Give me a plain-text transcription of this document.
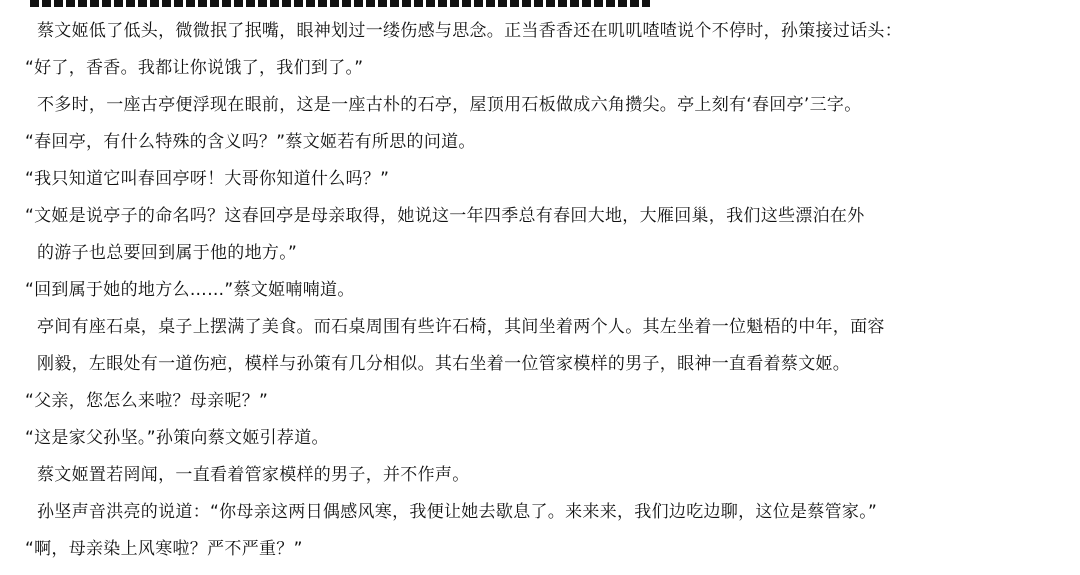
蔡文姬低了低头，微微抿了抿嘴，眼神划过一缕伤感与思念。正当香香还在叽叽喳喳说个不停时，孙策接过话头：
“好了，香香。我都让你说饿了，我们到了。”
不多时，一座古亭便浮现在眼前，这是一座古朴的石亭，屋顶用石板做成六角攒尖。亭上刻有‘春回亭’三字。
“春回亭，有什么特殊的含义吗？”蔡文姬若有所思的问道。
“我只知道它叫春回亭呀！大哥你知道什么吗？”
“文姬是说亭子的命名吗？这春回亭是母亲取得，她说这一年四季总有春回大地，大雁回巢，我们这些漂泊在外
的游子也总要回到属于他的地方。”
“回到属于她的地方么……”蔡文姬喃喃道。
亭间有座石桌，桌子上摆满了美食。而石桌周围有些许石椅，其间坐着两个人。其左坐着一位魁梧的中年，面容
刚毅，左眼处有一道伤疤，模样与孙策有几分相似。其右坐着一位管家模样的男子，眼神一直看着蔡文姬。
“父亲，您怎么来啦？母亲呢？”
“这是家父孙坚。”孙策向蔡文姬引荐道。
蔡文姬置若罔闻，一直看着管家模样的男子，并不作声。
孙坚声音洪亮的说道：“你母亲这两日偶感风寒，我便让她去歇息了。来来来，我们边吃边聊，这位是蔡管家。”
“啊，母亲染上风寒啦？严不严重？”
